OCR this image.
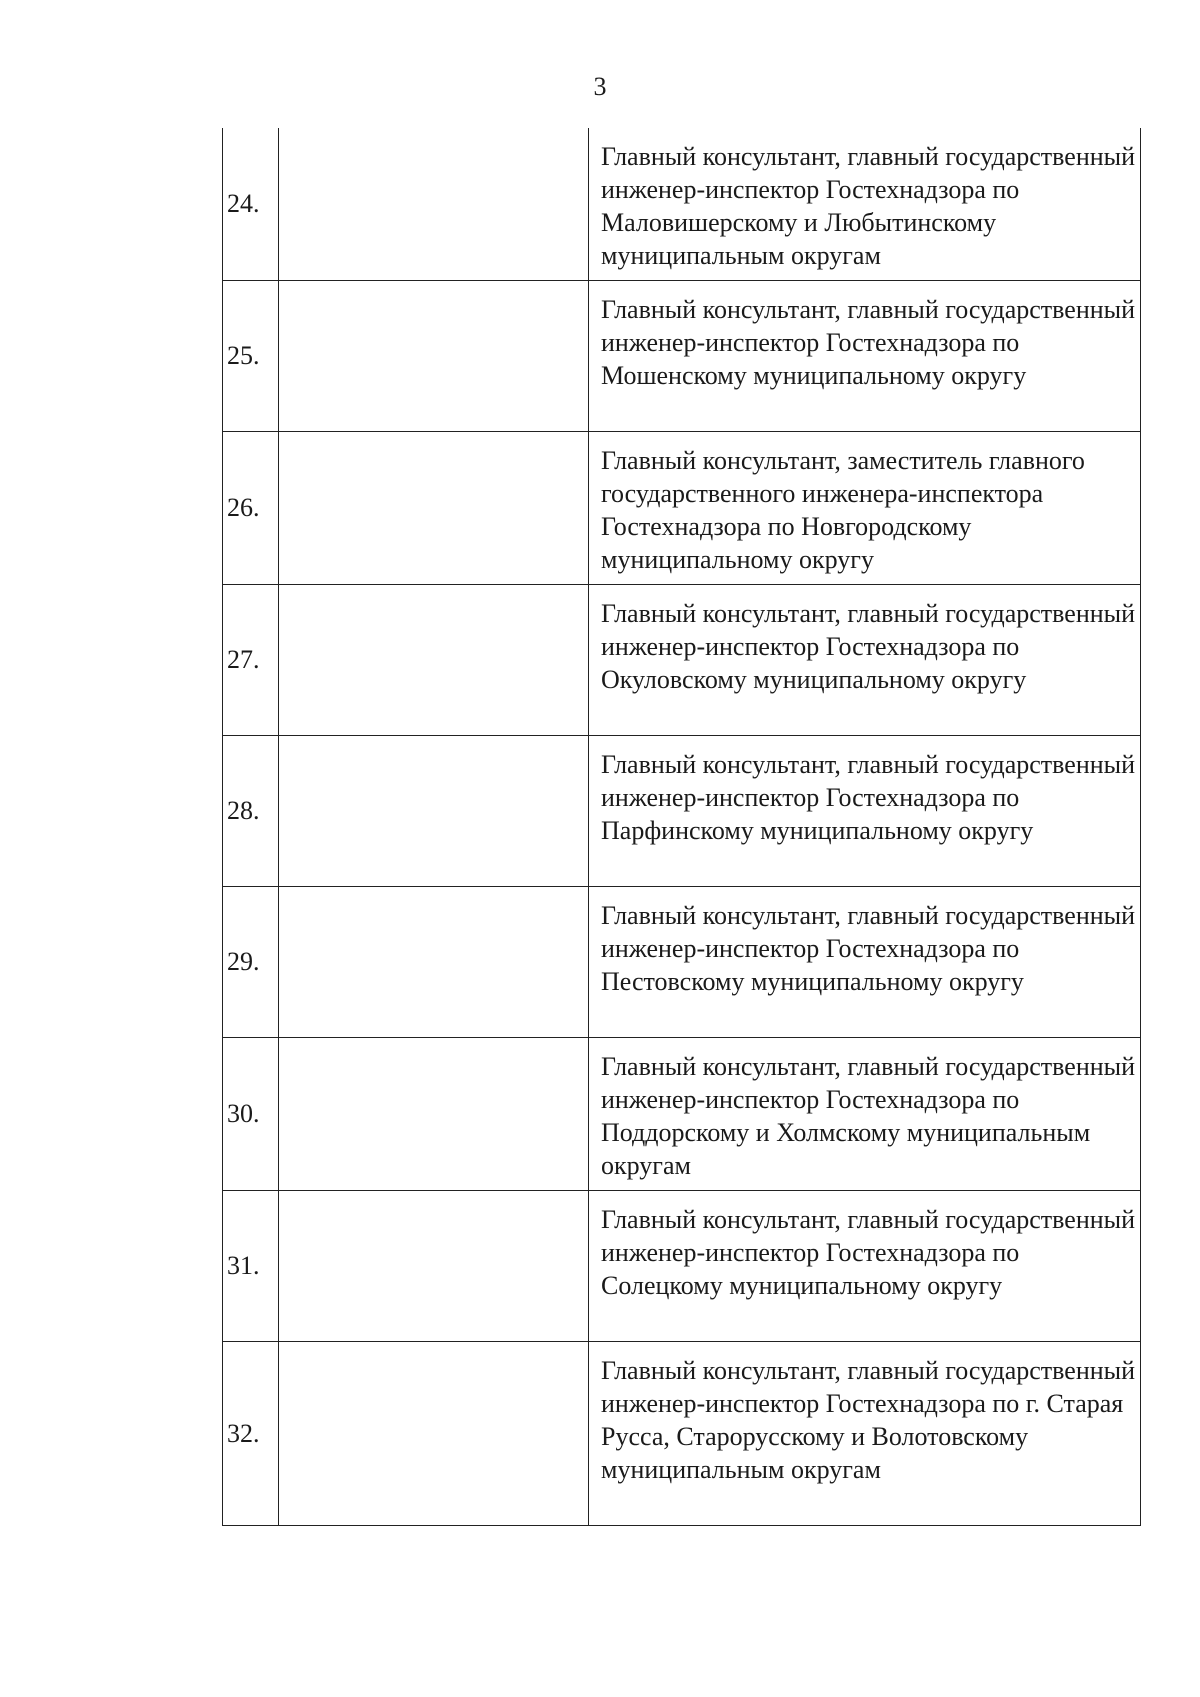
3
24.		Главный консультант, главный государственный инженер-инспектор Гостехнадзора по Маловишерскому и Любытинскому муниципальным округам
25.		Главный консультант, главный государственный инженер-инспектор Гостехнадзора по Мошенскому муниципальному округу
26.		Главный консультант, заместитель главного государственного инженера-инспектора Гостехнадзора по Новгородскому муниципальному округу
27.		Главный консультант, главный государственный инженер-инспектор Гостехнадзора по Окуловскому муниципальному округу
28.		Главный консультант, главный государственный инженер-инспектор Гостехнадзора по Парфинскому муниципальному округу
29.		Главный консультант, главный государственный инженер-инспектор Гостехнадзора по Пестовскому муниципальному округу
30.		Главный консультант, главный государственный инженер-инспектор Гостехнадзора по Поддорскому и Холмскому муниципальным округам
31.		Главный консультант, главный государственный инженер-инспектор Гостехнадзора по Солецкому муниципальному округу
32.		Главный консультант, главный государственный инженер-инспектор Гостехнадзора по г. Старая Русса, Старорусскому и Волотовскому муниципальным округам
